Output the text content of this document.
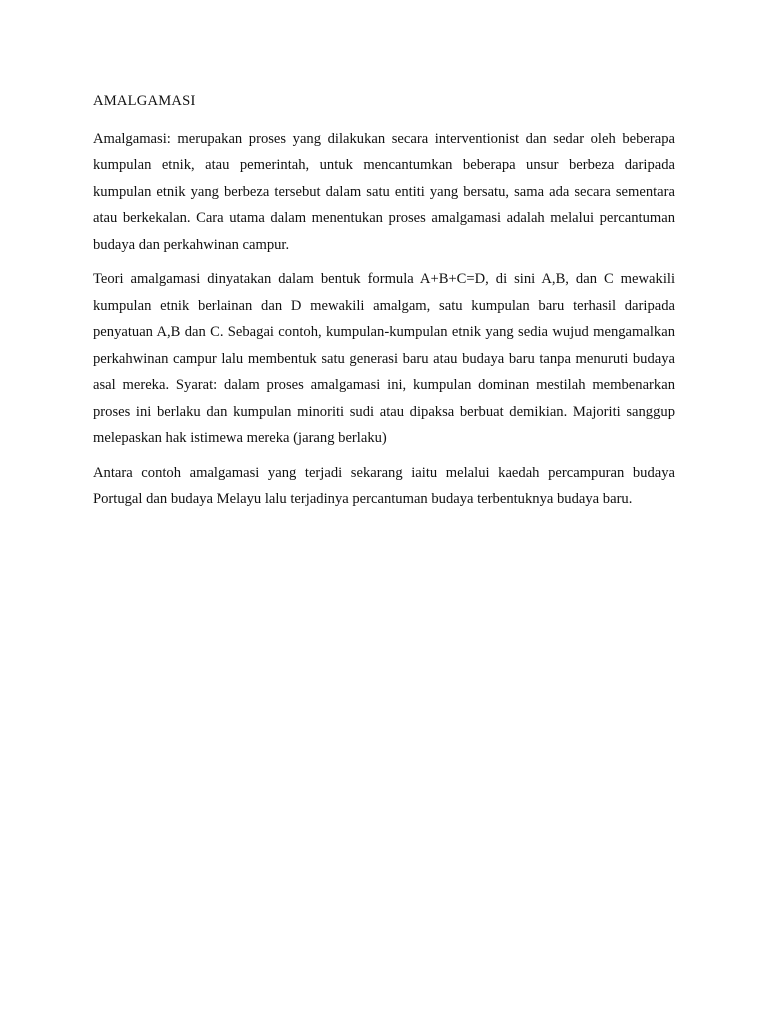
AMALGAMASI

Amalgamasi: merupakan proses yang dilakukan secara interventionist dan sedar oleh beberapa kumpulan etnik, atau pemerintah, untuk mencantumkan beberapa unsur berbeza daripada kumpulan etnik yang berbeza tersebut dalam satu entiti yang bersatu, sama ada secara sementara atau berkekalan. Cara utama dalam menentukan proses amalgamasi adalah melalui percantuman budaya dan perkahwinan campur.

Teori amalgamasi dinyatakan dalam bentuk formula A+B+C=D, di sini A,B, dan C mewakili kumpulan etnik berlainan dan D mewakili amalgam, satu kumpulan baru terhasil daripada penyatuan A,B dan C. Sebagai contoh, kumpulan-kumpulan etnik yang sedia wujud mengamalkan perkahwinan campur lalu membentuk satu generasi baru atau budaya baru tanpa menuruti budaya asal mereka. Syarat: dalam proses amalgamasi ini, kumpulan dominan mestilah membenarkan proses ini berlaku dan kumpulan minoriti sudi atau dipaksa berbuat demikian. Majoriti sanggup melepaskan hak istimewa mereka (jarang berlaku)

Antara contoh amalgamasi yang terjadi sekarang iaitu melalui kaedah percampuran budaya Portugal dan budaya Melayu lalu terjadinya percantuman budaya terbentuknya budaya baru.
